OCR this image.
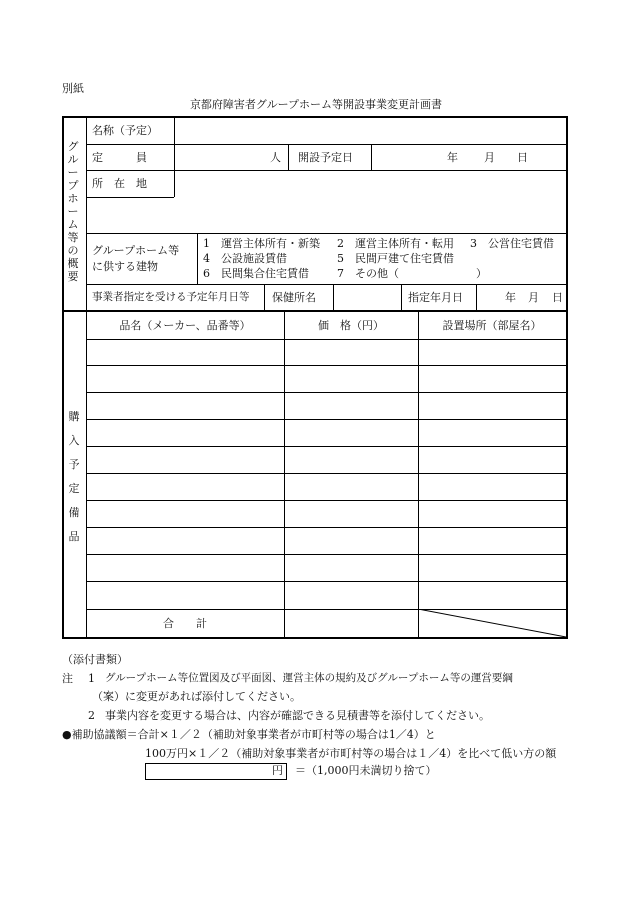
別紙
京都府障害者グループホーム等開設事業変更計画書
グループホーム等の概要
名称（予定）
定　　　員	人 開設予定日	年 月 日
所　在　地
グループホーム等
に供する建物
1　運営主体所有・新築 2　運営主体所有・転用 3　公営住宅賃借
4　公設施設賃借	5　民間戸建て住宅賃借
6　民間集合住宅賃借	7　その他（　　　　　　　）
事業者指定を受ける予定年月日等 保健所名	指定年月日	年 月 日
購入予定備品
品名（メーカー、品番等）	価　格（円）	設置場所（部屋名）
合　　計
（添付書類）
注 1 グループホーム等位置図及び平面図、運営主体の規約及びグループホーム等の運営要綱
（案）に変更があれば添付してください。
2 事業内容を変更する場合は、内容が確認できる見積書等を添付してください。
●補助協議額＝合計×１／２（補助対象事業者が市町村等の場合は1／4）と
100万円×１／２（補助対象事業者が市町村等の場合は１／4）を比べて低い方の額
円 ＝（1,000円未満切り捨て）
